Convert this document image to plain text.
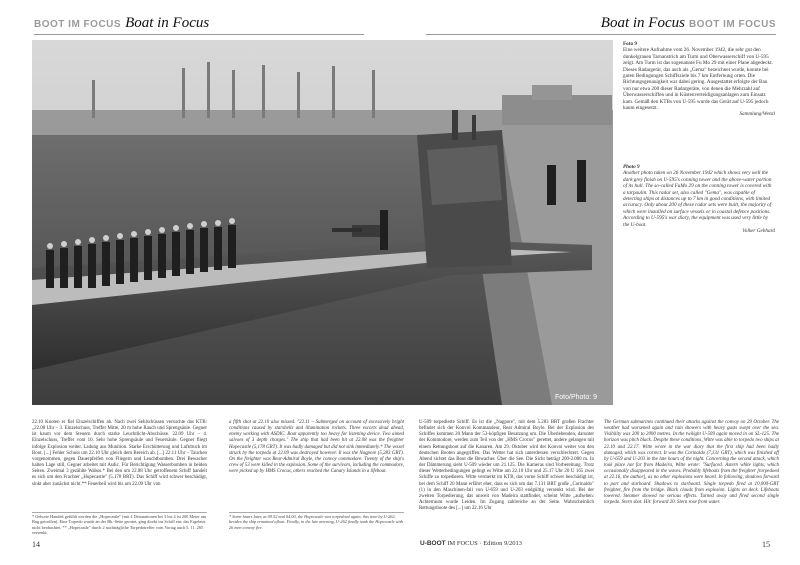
BOOT IM FOCUS Boat in Focus	Boat in Focus BOOT IM FOCUS
Foto/Photo: 9
Foto 9
Eine weitere Aufnahme vom 26. November 1942, die sehr gut den dunkelgrauen Tarnanstrich am Turm und Oberwasserschiff von U-595 zeigt. Am Turm ist das sogenannte Fu Mo 29 mit einer Plane abgedeckt. Dieses Radargerät, das auch als „Gema" bezeichnet wurde, konnte bei guten Bedingungen Schiffsziele bis 7 km Entfernung orten. Die Richtungsgenauigkeit war dabei gering. Ausgestattet erfolgte der Bau von nur etwa 200 dieser Radargeräte, von denen die Mehrzahl auf Überwasserschiffen und in Küstenverteidigungsanlagen zum Einsatz kam. Gemäß den KTBs von U-595 wurde das Gerät auf U-595 jedoch kaum eingesetzt.
Sammlung/Wenzl
Photo 9
Another photo taken on 26 November 1942 which shows very well the dark grey finish on U-595's conning tower and the above-water portion of its hull. The so-called FuMo 29 on the conning tower is covered with a tarpaulin. This radar set, also called "Gema", was capable of detecting ships at distances up to 7 km in good conditions, with limited accuracy. Only about 200 of these radar sets were built, the majority of which were installed on surface vessels or in coastal defence positions. According to U-595's war diary, the equipment was used very little by the U-boat.
Volker Gebhard
22.10 Knoten er fiel Einzelschiffen ab. Nach zwei Sehlschüssen versuchte das KTB: „22.08 Uhr – 3. Einzelschuss, Treffer Mitte, 20 m hohe Rauch und Sprengsäule. Gegner ist kaum vor dem Steuern durch starke Leuchtlicht-Abschüsse. 22.09 Uhr – 4. Einzelschuss, Treffer vom 10. Sehr hohe Sprengsäule und Feuersäule. Gegner fliegt infolge Explosion weiter. Ladung aus Munition. Starke Erschütterung und Luftdruck im Boot. [...] Fehler Schuss um 22.10 Uhr gleich dem Bereich ab. [...] 22.11 Uhr – Tauchen vorgenommen, gegen Dauerpfeifen von Fliegern und Leuchtbomben. Drei Bewacher halten Lage still, Gegner arbeitet mit Asdic. Für Berichtigung Wasserbomben in beiden Seiten. Zweimal 3 gezählte Wabos.* Bei den um 22.08 Uhr getroffenem Schiff handelt es sich um den Frachter „Hopecastle" (5.178 BRT). Das Schiff wird schwer beschädigt, sinkt aber zunächst nicht.** Feuerbeil wird bis um 22.09 Uhr von
* Gehorte Handelt gefühlt worden die „Hopecastle" (mit 4 Detonationen bei 3 bis 4 ist 200 Meter am Bug getroffen). Eine Torpedo wurde an der Bb.-Seite geortet, ging direkt ins Schiff ein; das Ergebnis nicht beobachtet. ** „Hopecastle" durch 2 nachträgliche Torpedotreffer vom Vortag auch 5. 11. 265 versenkt.
a fifth shot at 22.10 also missed. "22.11 – Submerged on account of excessively bright conditions caused by starshells and illumination rockets. Three escorts dead ahead, enemy working with ASDIC. Boat apparently too heavy for listening device. Two aimed salvoes of 3 depth charges." The ship that had been hit at 22.08 was the freighter Hopecastle (5,178 GRT). It was badly damaged but did not sink immediately.* The vessel struck by the torpedo at 22.09 was destroyed however. It was the Nagpore (5,283 GRT). On the freighter was Rear-Admiral Boyle, the convoy commodore. Twenty of the ship's crew of 53 were killed in the explosion. Some of the survivors, including the commodore, were picked up by HMS Crocus, others reached the Canary Islands in a lifeboat.
* Some hours later, at 09.52 and 04.00, the Hopecastle was torpedoed again, this time by U-262, besides the ship remained afloat. Finally, in the late morning, U-262 finally sank the Hopecastle with 26 men convoy fire.
U-509 torpedierte Schiff. Es ist die „Nagpore", mit dem 5.283 BRT großen Frachter befindet sich der Konvoi Kommandeur, Rear Admiral Boyle. Bei der Explosion des Schiffes kommen 20 Mann der 53-köpfigen Besatzung um. Die Überlebenden, darunter der Kommodore, werden zum Teil von der „HMS Crocus" gerettet, andere gelangen mit einem Rettungsboot auf die Kanaren. Am 29. Oktober wird der Konvoi weiter von den deutschen Booten angegriffen. Das Wetter hat sich unterdessen verschlechtert. Gegen Abend sichtet das Boot die Bewacher. Über die See. Die Sicht beträgt 200-2.000 m. In der Dämmerung sieht U-509 wieder um 21.125. Die Kameras sind Vorbereitung. Trotz dieser Wetterbedingungen gelingt es Witte am 22.10 Uhr und 25.17 Uhr 20 U 165 zwei Schiffe zu torpedieren. Witte vermerkt im KTB, das vorne Schiff schwer beschädigt ist, bei dem Schiff 20 Mann erfährt eher, dass es sich um das 7.131 BRT große „Corinaldo" (1) in den Maschinen-fall von U-659 und U-203 endgültig versenkt wird. Bei der zweiten Torpedierung, das unweit von Madeira stattfindet, scheint Witte „aufsehen: Achterraum wurde Leiden. Im Zugang zahlreiche an der Seite. Wahrscheinlich Rettungsboote des [...] um 22.16 Uhr
The German submarines continued their attacks against the convoy on 29 October. The weather had worsened again and rain showers with heavy gusts swept over the sea. Visibility was 200 to 2000 metres. In the twilight U-509 again moved in on SL-125. The horizon was pitch black. Despite these conditions, Witte was able to torpedo two ships at 22.10 and 22.17. Witte wrote in the war diary that the first ship had been badly damaged, which was correct. It was the Corinaldo (7,131 GRT), which was finished off by U-659 and U-203 in the late hours of the night. Concerning the second attack, which took place not far from Madeira, Witte wrote: "Surfaced. Astern white lights, which occasionally disappeared in the waves. Probably lifeboats from the freighter [torpedoed at 22.16, the author], as no other explosions were heard. In following, shadows forward to port and starboard. Shadows to starboard. Single torpedo fired at 10,000-GRT freighter, fire from the bridge. Black clouds from explosion. Lights on deck. Lifeboats lowered. Steamer showed no serious effects. Turned away and fired second single torpedo. Stern shot. Hit: forward 20. Stern rose from water.
14	U-BOOT IM FOCUS · Edition 9/2013	15
